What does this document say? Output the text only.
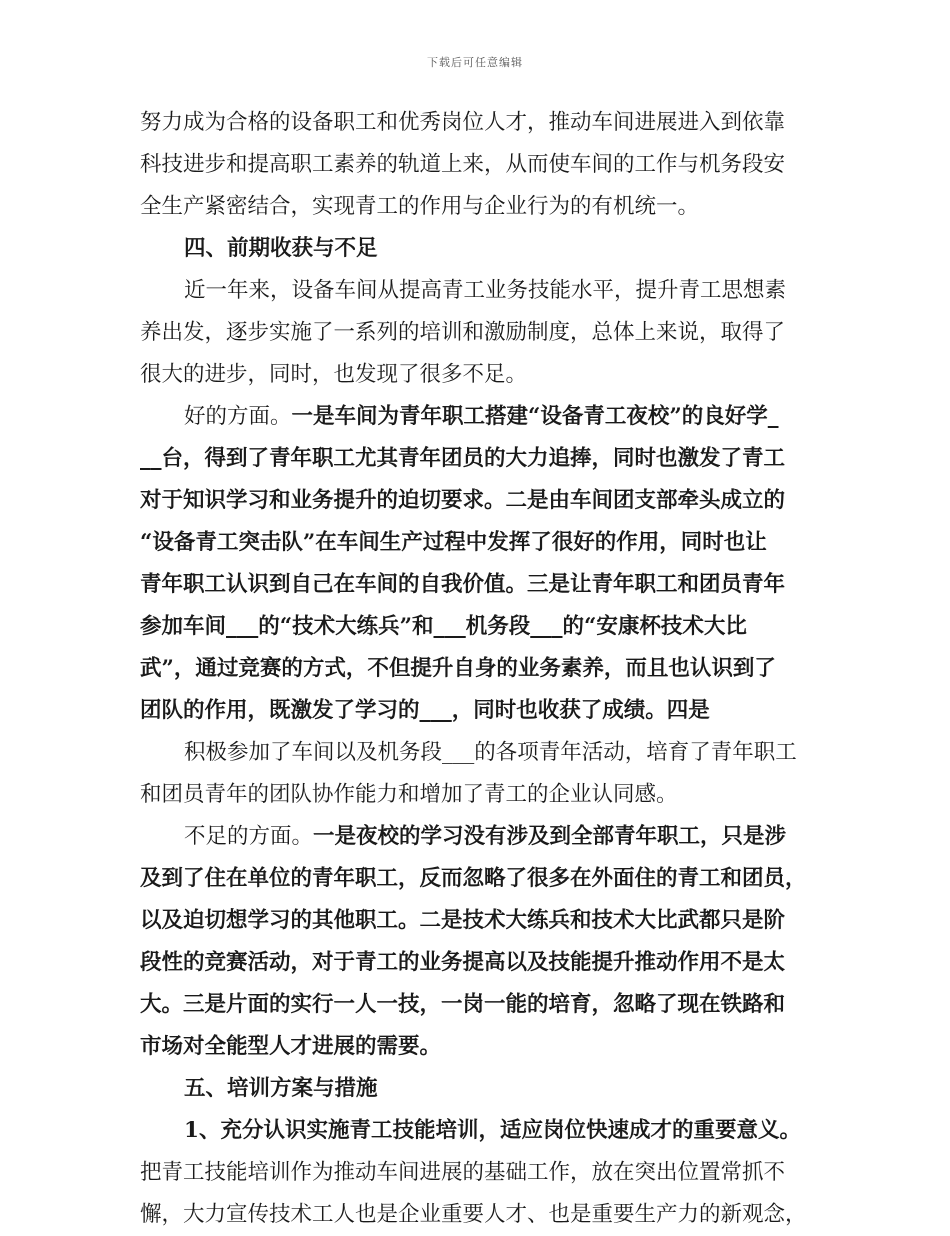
下载后可任意编辑
努力成为合格的设备职工和优秀岗位人才，推动车间进展进入到依靠
科技进步和提高职工素养的轨道上来，从而使车间的工作与机务段安
全生产紧密结合，实现青工的作用与企业行为的有机统一。
四、前期收获与不足
近一年来，设备车间从提高青工业务技能水平，提升青工思想素
养出发，逐步实施了一系列的培训和激励制度，总体上来说，取得了
很大的进步，同时，也发现了很多不足。
好的方面。一是车间为青年职工搭建“设备青工夜校”的良好学_
__台，得到了青年职工尤其青年团员的大力追捧，同时也激发了青工
对于知识学习和业务提升的迫切要求。二是由车间团支部牵头成立的
“设备青工突击队”在车间生产过程中发挥了很好的作用，同时也让
青年职工认识到自己在车间的自我价值。三是让青年职工和团员青年
参加车间___的“技术大练兵”和___机务段___的“安康杯技术大比
武”，通过竞赛的方式，不但提升自身的业务素养，而且也认识到了
团队的作用，既激发了学习的___，同时也收获了成绩。四是
积极参加了车间以及机务段___的各项青年活动，培育了青年职工
和团员青年的团队协作能力和增加了青工的企业认同感。
不足的方面。一是夜校的学习没有涉及到全部青年职工，只是涉
及到了住在单位的青年职工，反而忽略了很多在外面住的青工和团员，
以及迫切想学习的其他职工。二是技术大练兵和技术大比武都只是阶
段性的竞赛活动，对于青工的业务提高以及技能提升推动作用不是太
大。三是片面的实行一人一技，一岗一能的培育，忽略了现在铁路和
市场对全能型人才进展的需要。
五、培训方案与措施
1、充分认识实施青工技能培训，适应岗位快速成才的重要意义。
把青工技能培训作为推动车间进展的基础工作，放在突出位置常抓不
懈，大力宣传技术工人也是企业重要人才、也是重要生产力的新观念，
